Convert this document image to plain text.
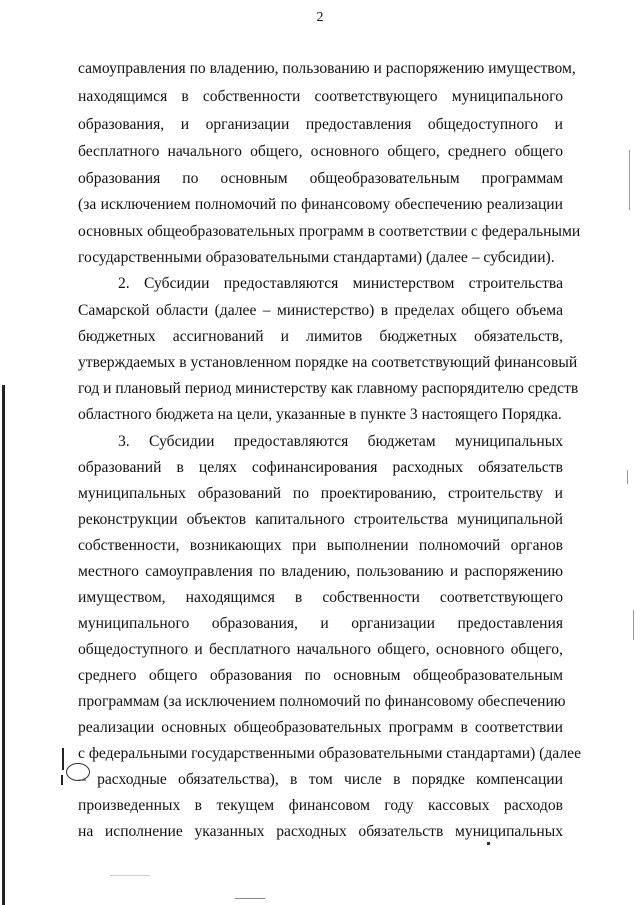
2
самоуправления по владению, пользованию и распоряжению имуществом,
находящимся в собственности соответствующего муниципального
образования, и организации предоставления общедоступного и
бесплатного начального общего, основного общего, среднего общего
образования по основным общеобразовательным программам
(за исключением полномочий по финансовому обеспечению реализации
основных общеобразовательных программ в соответствии с федеральными
государственными образовательными стандартами) (далее – субсидии).
2. Субсидии предоставляются министерством строительства
Самарской области (далее – министерство) в пределах общего объема
бюджетных ассигнований и лимитов бюджетных обязательств,
утверждаемых в установленном порядке на соответствующий финансовый
год и плановый период министерству как главному распорядителю средств
областного бюджета на цели, указанные в пункте 3 настоящего Порядка.
3. Субсидии предоставляются бюджетам муниципальных
образований в целях софинансирования расходных обязательств
муниципальных образований по проектированию, строительству и
реконструкции объектов капитального строительства муниципальной
собственности, возникающих при выполнении полномочий органов
местного самоуправления по владению, пользованию и распоряжению
имуществом, находящимся в собственности соответствующего
муниципального образования, и организации предоставления
общедоступного и бесплатного начального общего, основного общего,
среднего общего образования по основным общеобразовательным
программам (за исключением полномочий по финансовому обеспечению
реализации основных общеобразовательных программ в соответствии
с федеральными государственными образовательными стандартами) (далее
– расходные обязательства), в том числе в порядке компенсации
произведенных в текущем финансовом году кассовых расходов
на исполнение указанных расходных обязательств муниципальных
